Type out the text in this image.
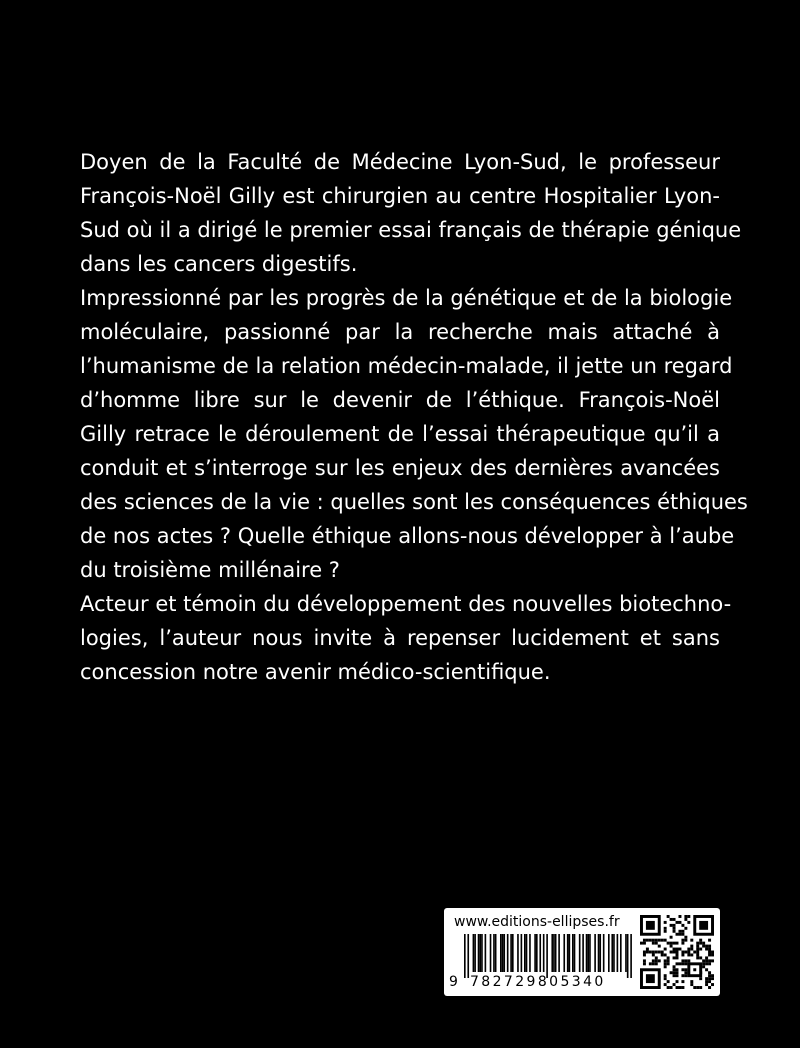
Doyen de la Faculté de Médecine Lyon-Sud, le professeur
François-Noël Gilly est chirurgien au centre Hospitalier Lyon-
Sud où il a dirigé le premier essai français de thérapie génique
dans les cancers digestifs.
Impressionné par les progrès de la génétique et de la biologie
moléculaire, passionné par la recherche mais attaché à
l’humanisme de la relation médecin-malade, il jette un regard
d’homme libre sur le devenir de l’éthique. François-Noël
Gilly retrace le déroulement de l’essai thérapeutique qu’il a
conduit et s’interroge sur les enjeux des dernières avancées
des sciences de la vie : quelles sont les conséquences éthiques
de nos actes ? Quelle éthique allons-nous développer à l’aube
du troisième millénaire ?
Acteur et témoin du développement des nouvelles biotechno-
logies, l’auteur nous invite à repenser lucidement et sans
concession notre avenir médico-scientifique.
www.editions-ellipses.fr
9 782729805340
